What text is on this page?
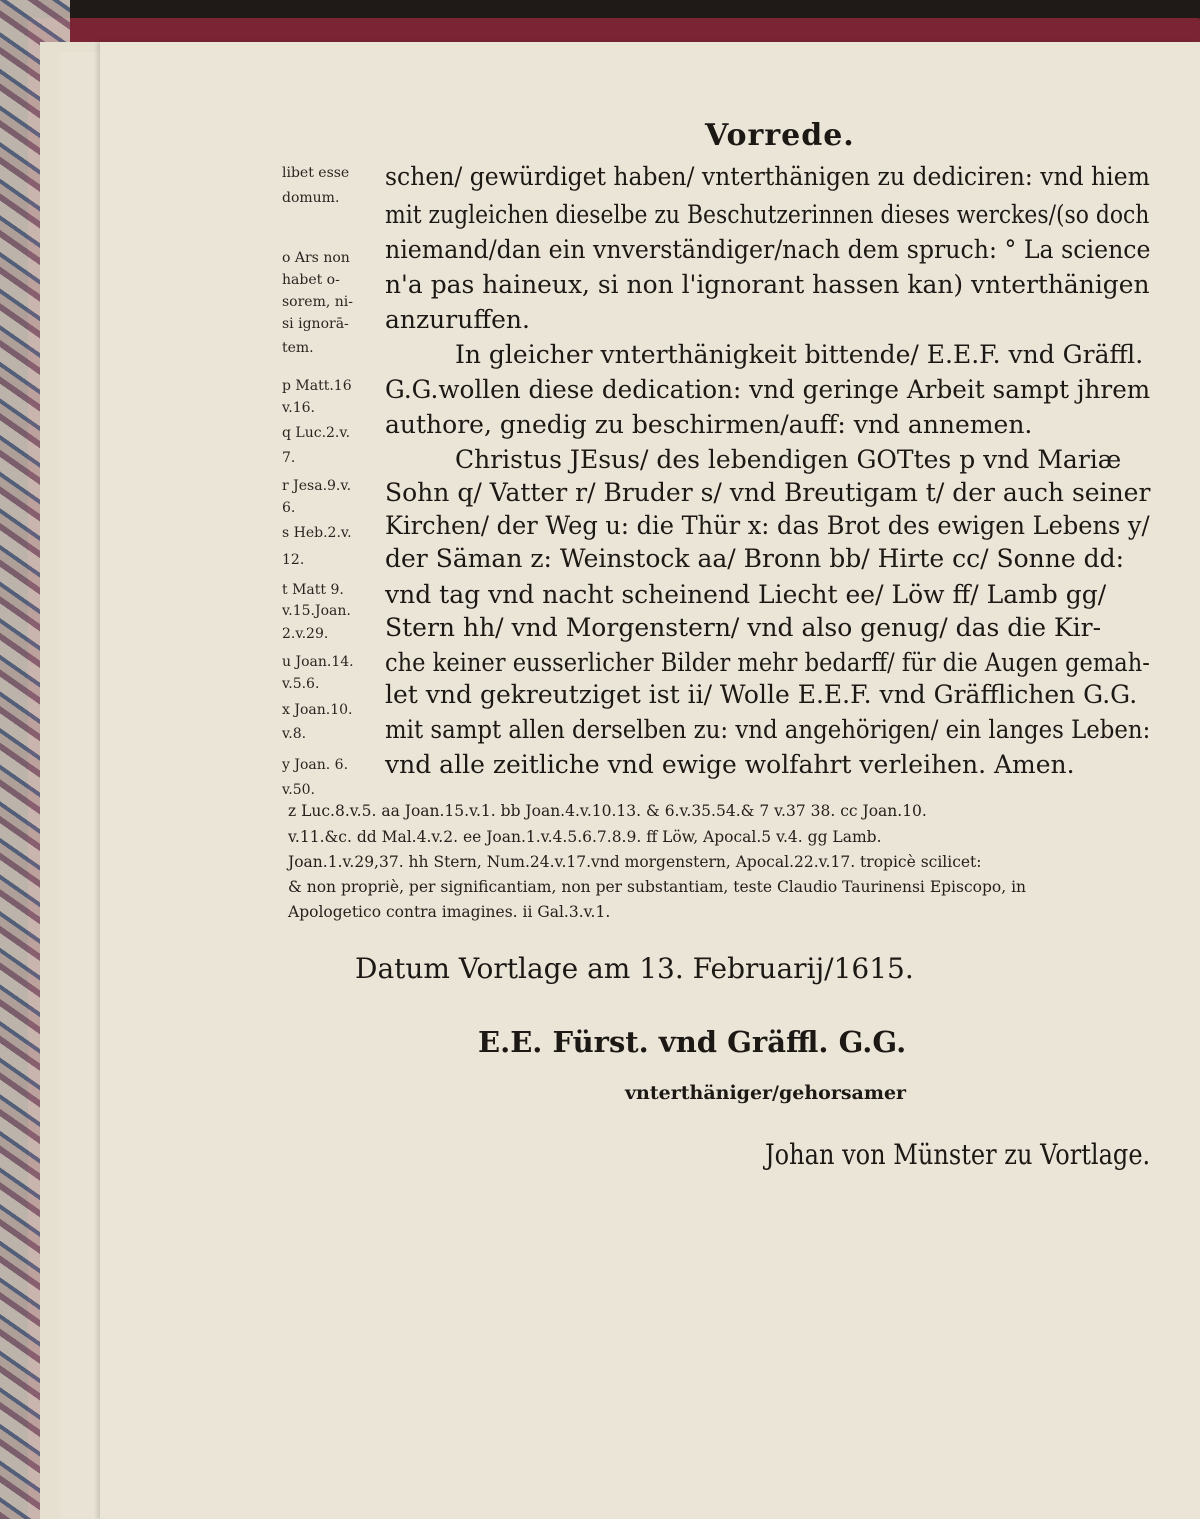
Vorrede.
schen/ gewürdiget haben/ vnterthänigen zu dediciren: vnd hiem
mit zugleichen dieselbe zu Beschutzerinnen dieses werckes/(so doch
niemand/dan ein vnverständiger/nach dem spruch: ° La science
n'a pas haineux, si non l'ignorant hassen kan) vnterthänigen
anzuruffen.
In gleicher vnterthänigkeit bittende/ E.E.F. vnd Gräffl.
G.G.wollen diese dedication: vnd geringe Arbeit sampt jhrem
authore, gnedig zu beschirmen/auff: vnd annemen.
Christus JEsus/ des lebendigen GOTtes p vnd Mariæ
Sohn q/ Vatter r/ Bruder s/ vnd Breutigam t/ der auch seiner
Kirchen/ der Weg u: die Thür x: das Brot des ewigen Lebens y/
der Säman z: Weinstock aa/ Bronn bb/ Hirte cc/ Sonne dd:
vnd tag vnd nacht scheinend Liecht ee/ Löw ff/ Lamb gg/
Stern hh/ vnd Morgenstern/ vnd also genug/ das die Kir-
che keiner eusserlicher Bilder mehr bedarff/ für die Augen gemah-
let vnd gekreutziget ist ii/ Wolle E.E.F. vnd Gräfflichen G.G.
mit sampt allen derselben zu: vnd angehörigen/ ein langes Leben:
vnd alle zeitliche vnd ewige wolfahrt verleihen. Amen.
libet esse
domum.
o Ars non
habet o-
sorem, ni-
si ignorā-
tem.
p Matt.16
v.16.
q Luc.2.v.
7.
r Jesa.9.v.
6.
s Heb.2.v.
12.
t Matt 9.
v.15.Joan.
2.v.29.
u Joan.14.
v.5.6.
x Joan.10.
v.8.
y Joan. 6.
v.50.
z Luc.8.v.5. aa Joan.15.v.1. bb Joan.4.v.10.13. & 6.v.35.54.& 7 v.37 38. cc Joan.10.
v.11.&c. dd Mal.4.v.2. ee Joan.1.v.4.5.6.7.8.9. ff Löw, Apocal.5 v.4. gg Lamb.
Joan.1.v.29,37. hh Stern, Num.24.v.17.vnd morgenstern, Apocal.22.v.17. tropicè scilicet:
& non propriè, per significantiam, non per substantiam, teste Claudio Taurinensi Episcopo, in
Apologetico contra imagines. ii Gal.3.v.1.
Datum Vortlage am 13. Februarij/1615.
E.E. Fürst. vnd Gräffl. G.G.
vnterthäniger/gehorsamer
Johan von Münster zu Vortlage.
